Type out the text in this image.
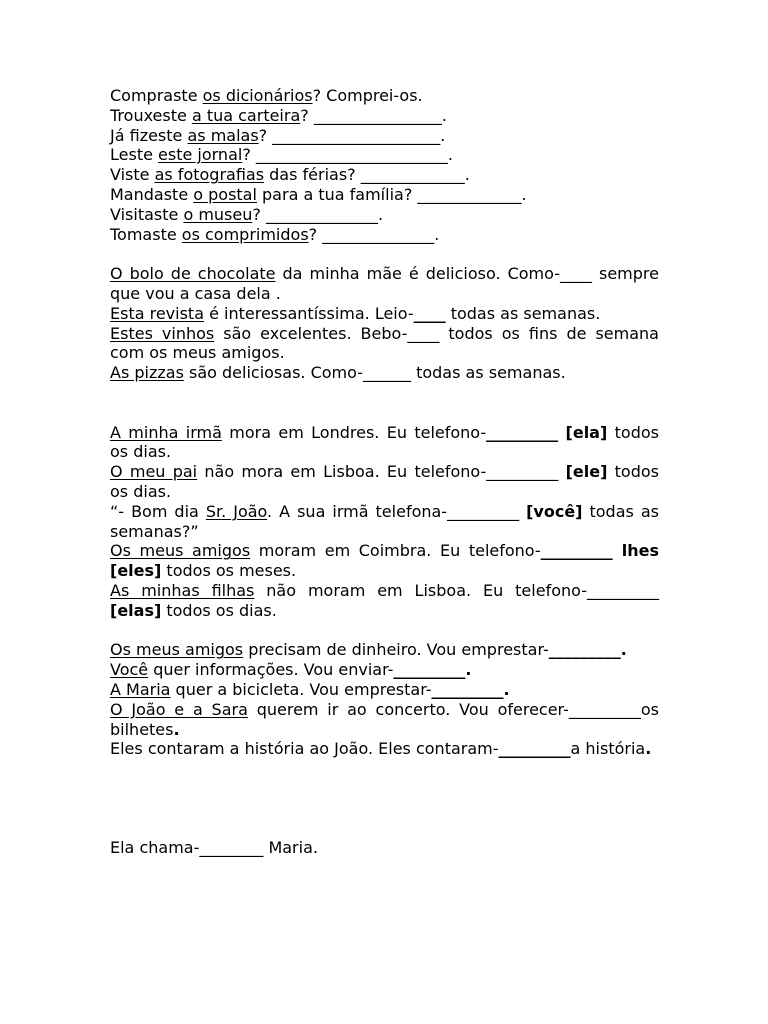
Compraste os dicionários? Comprei-os.
Trouxeste a tua carteira? ________________.
Já fizeste as malas? _____________________.
Leste este jornal? ________________________.
Viste as fotografias das férias? _____________.
Mandaste o postal para a tua família? _____________.
Visitaste o museu? ______________.
Tomaste os comprimidos? ______________.
O bolo de chocolate da minha mãe é delicioso. Como-____ sempre que vou a casa dela .
Esta revista é interessantíssima. Leio-____ todas as semanas.
Estes vinhos são excelentes. Bebo-____ todos os fins de semana com os meus amigos.
As pizzas são deliciosas. Como-______ todas as semanas.
A minha irmã mora em Londres. Eu telefono-_________ [ela] todos os dias.
O meu pai não mora em Lisboa. Eu telefono-_________ [ele] todos os dias.
“- Bom dia Sr. João. A sua irmã telefona-_________ [você] todas as semanas?”
Os meus amigos moram em Coimbra. Eu telefono-_________ lhes [eles] todos os meses.
As minhas filhas não moram em Lisboa. Eu telefono-_________ [elas] todos os dias.
Os meus amigos precisam de dinheiro. Vou emprestar-_________.
Você quer informações. Vou enviar-_________.
A Maria quer a bicicleta. Vou emprestar-_________.
O João e a Sara querem ir ao concerto. Vou oferecer-_________os bilhetes.
Eles contaram a história ao João. Eles contaram-_________a história.
Ela chama-________ Maria.
